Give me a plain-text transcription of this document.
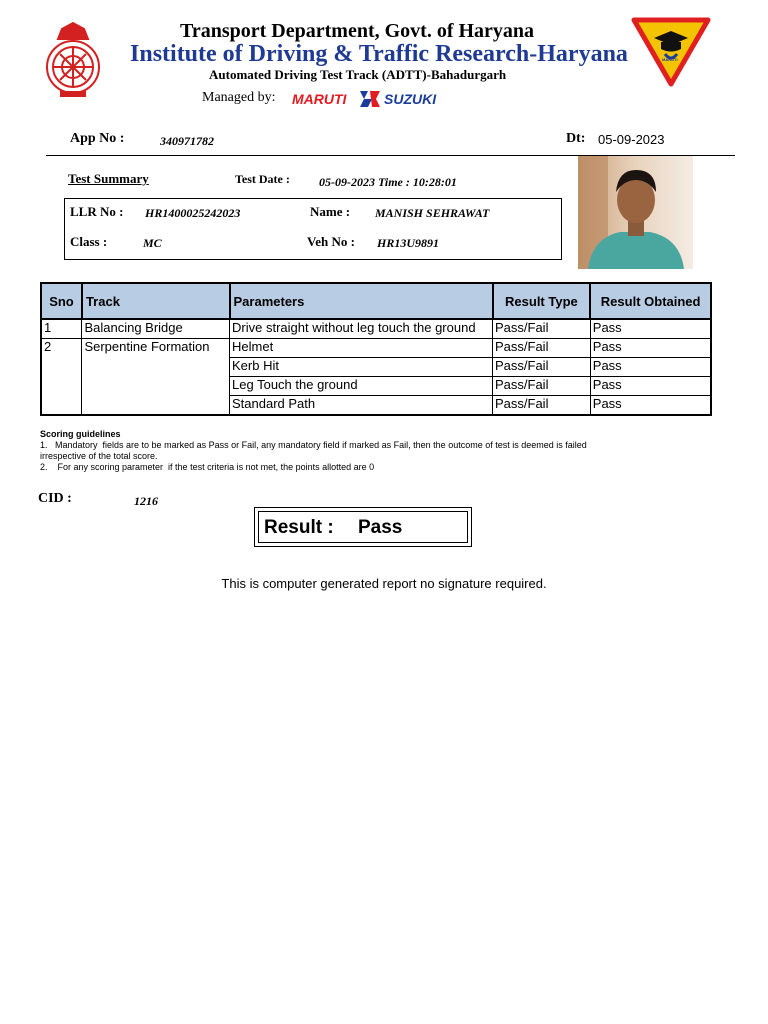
Transport Department, Govt. of Haryana
Institute of Driving & Traffic Research-Haryana
Automated Driving Test Track (ADTT)-Bahadurgarh
Managed by: MARUTI	SUZUKI
MARUTI
App No :	340971782	Dt: 05-09-2023
Test Summary	Test Date : 05-09-2023 Time : 10:28:01
LLR No : HR1400025242023	Name : MANISH SEHRAWAT
Class :	MC	Veh No : HR13U9891
Sno	Track	Parameters	Result Type	Result Obtained
1	Balancing Bridge	Drive straight without leg touch the ground	Pass/Fail	Pass
2	Serpentine Formation	Helmet	Pass/Fail	Pass
		Kerb Hit	Pass/Fail	Pass
		Leg Touch the ground	Pass/Fail	Pass
		Standard Path	Pass/Fail	Pass
Scoring guidelines
1.   Mandatory  fields are to be marked as Pass or Fail, any mandatory field if marked as Fail, then the outcome of test is deemed is failed
irrespective of the total score.
2.    For any scoring parameter  if the test criteria is not met, the points allotted are 0
CID :	1216
Result : Pass
This is computer generated report no signature required.
